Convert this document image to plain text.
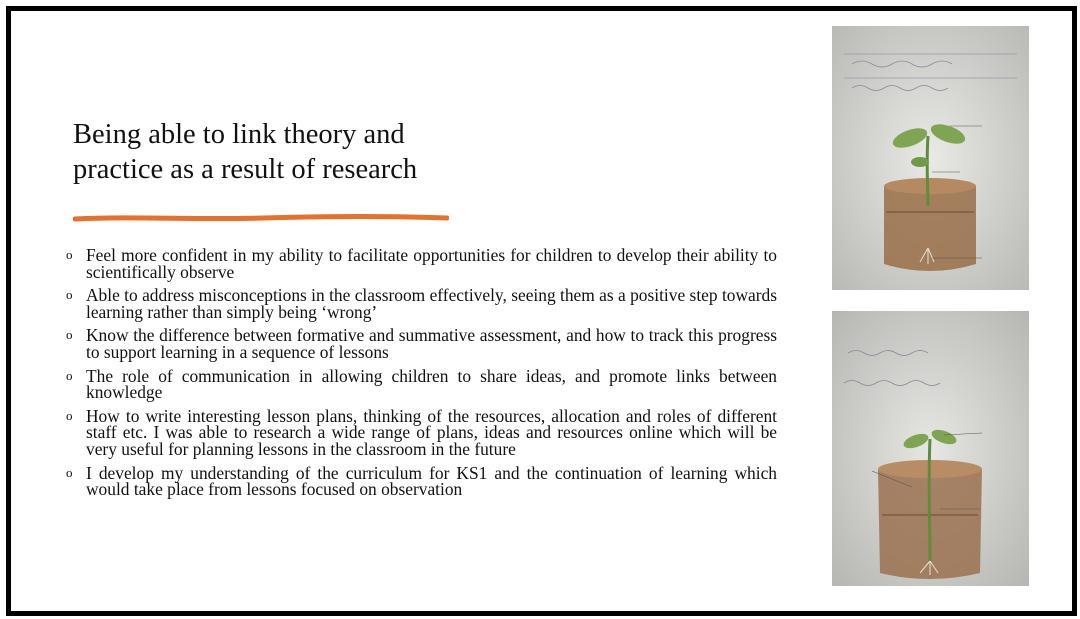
Being able to link theory and
practice as a result of research
o Feel more confident in my ability to facilitate opportunities for children to develop their ability to scientifically observe
o Able to address misconceptions in the classroom effectively, seeing them as a positive step towards learning rather than simply being ‘wrong’
o Know the difference between formative and summative assessment, and how to track this progress to support learning in a sequence of lessons
o The role of communication in allowing children to share ideas, and promote links between knowledge
o How to write interesting lesson plans, thinking of the resources, allocation and roles of different staff etc. I was able to research a wide range of plans, ideas and resources online which will be very useful for planning lessons in the classroom in the future
o I develop my understanding of the curriculum for KS1 and the continuation of learning which would take place from lessons focused on observation
